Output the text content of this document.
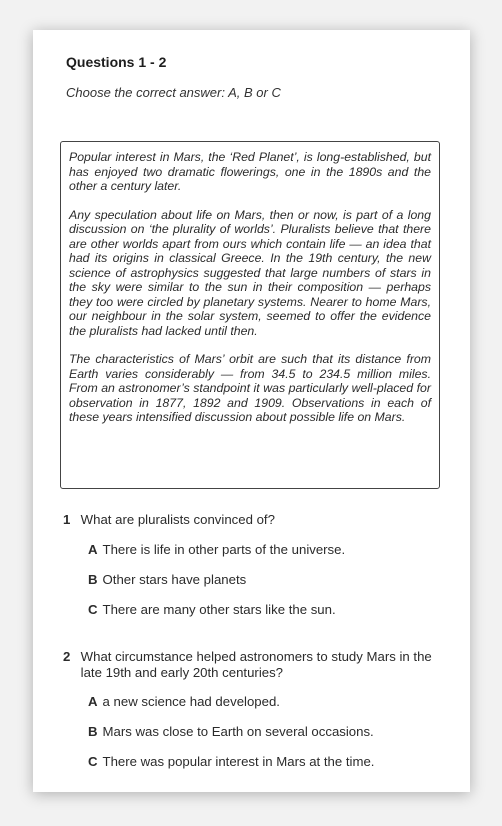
Questions 1 - 2
Choose the correct answer: A, B or C

Popular interest in Mars, the ‘Red Planet’, is long-established, but has enjoyed two dramatic flowerings, one in the 1890s and the other a century later.

Any speculation about life on Mars, then or now, is part of a long discussion on ‘the plurality of worlds’. Pluralists believe that there are other worlds apart from ours which contain life — an idea that had its origins in classical Greece. In the 19th century, the new science of astrophysics suggested that large numbers of stars in the sky were similar to the sun in their composition — perhaps they too were circled by planetary systems. Nearer to home Mars, our neighbour in the solar system, seemed to offer the evidence the pluralists had lacked until then.

The characteristics of Mars’ orbit are such that its distance from Earth varies considerably — from 34.5 to 234.5 million miles. From an astronomer’s standpoint it was particularly well-placed for observation in 1877, 1892 and 1909. Observations in each of these years intensified discussion about possible life on Mars.

1 What are pluralists convinced of?
A There is life in other parts of the universe.
B Other stars have planets
C There are many other stars like the sun.
2 What circumstance helped astronomers to study Mars in the late 19th and early 20th centuries?
A a new science had developed.
B Mars was close to Earth on several occasions.
C There was popular interest in Mars at the time.
